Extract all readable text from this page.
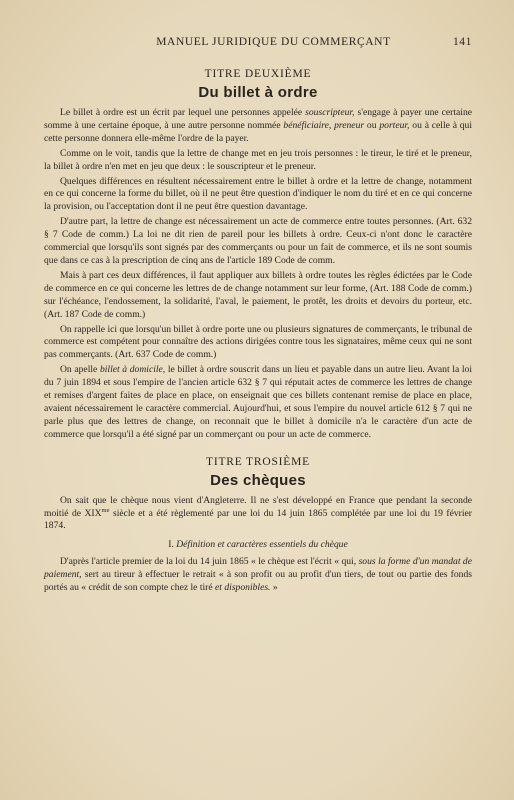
MANUEL JURIDIQUE DU COMMERÇANT	141
TITRE DEUXIÈME
Du billet à ordre

Le billet à ordre est un écrit par lequel une personnes appelée souscripteur, s'engage à payer une certaine somme à une certaine époque, à une autre personne nommée bénéficiaire, preneur ou porteur, ou à celle à qui cette personne donnera elle-même l'ordre de la payer.

Comme on le voit, tandis que la lettre de change met en jeu trois personnes : le tireur, le tiré et le preneur, la billet à ordre n'en met en jeu que deux : le souscripteur et le preneur.

Quelques différences en résultent nécessairement entre le billet à ordre et la lettre de change, notamment en ce qui concerne la forme du billet, où il ne peut être question d'indiquer le nom du tiré et en ce qui concerne la provision, ou l'acceptation dont il ne peut être question davantage.

D'autre part, la lettre de change est nécessairement un acte de commerce entre toutes personnes. (Art. 632 § 7 Code de comm.) La loi ne dit rien de pareil pour les billets à ordre. Ceux-ci n'ont donc le caractère commercial que lorsqu'ils sont signés par des commerçants ou pour un fait de commerce, et ils ne sont soumis que dans ce cas à la prescription de cinq ans de l'article 189 Code de comm.

Mais à part ces deux différences, il faut appliquer aux billets à ordre toutes les règles édictées par le Code de commerce en ce qui concerne les lettres de de change notamment sur leur forme, (Art. 188 Code de comm.) sur l'échéance, l'endossement, la solidarité, l'aval, le paiement, le protêt, les droits et devoirs du porteur, etc. (Art. 187 Code de comm.)

On rappelle ici que lorsqu'un billet à ordre porte une ou plusieurs signatures de commerçants, le tribunal de commerce est compétent pour connaître des actions dirigées contre tous les signataires, même ceux qui ne sont pas commerçants. (Art. 637 Code de comm.)

On apelle billet à domicile, le billet à ordre souscrit dans un lieu et payable dans un autre lieu. Avant la loi du 7 juin 1894 et sous l'empire de l'ancien article 632 § 7 qui réputait actes de commerce les lettres de change et remises d'argent faites de place en place, on enseignait que ces billets contenant remise de place en place, avaient nécessairement le caractère commercial. Aujourd'hui, et sous l'empire du nouvel article 612 § 7 qui ne parle plus que des lettres de change, on reconnait que le billet à domicile n'a le caractère d'un acte de commerce que lorsqu'il a été signé par un commerçant ou pour un acte de commerce.

TITRE TROSIÈME
Des chèques

On sait que le chèque nous vient d'Angleterre. Il ne s'est développé en France que pendant la seconde moitié de $XIX^{me}$ siècle et a été règlementé par une loi du 14 juin 1865 complétée par une loi du 19 février 1874.

I. Définition et caractères essentiels du chèque

D'après l'article premier de la loi du 14 juin 1865 « le chèque est l'écrit « qui, sous la forme d'un mandat de paiement, sert au tireur à effectuer le retrait « à son profit ou au profit d'un tiers, de tout ou partie des fonds portés au « crédit de son compte chez le tiré et disponibles. »
